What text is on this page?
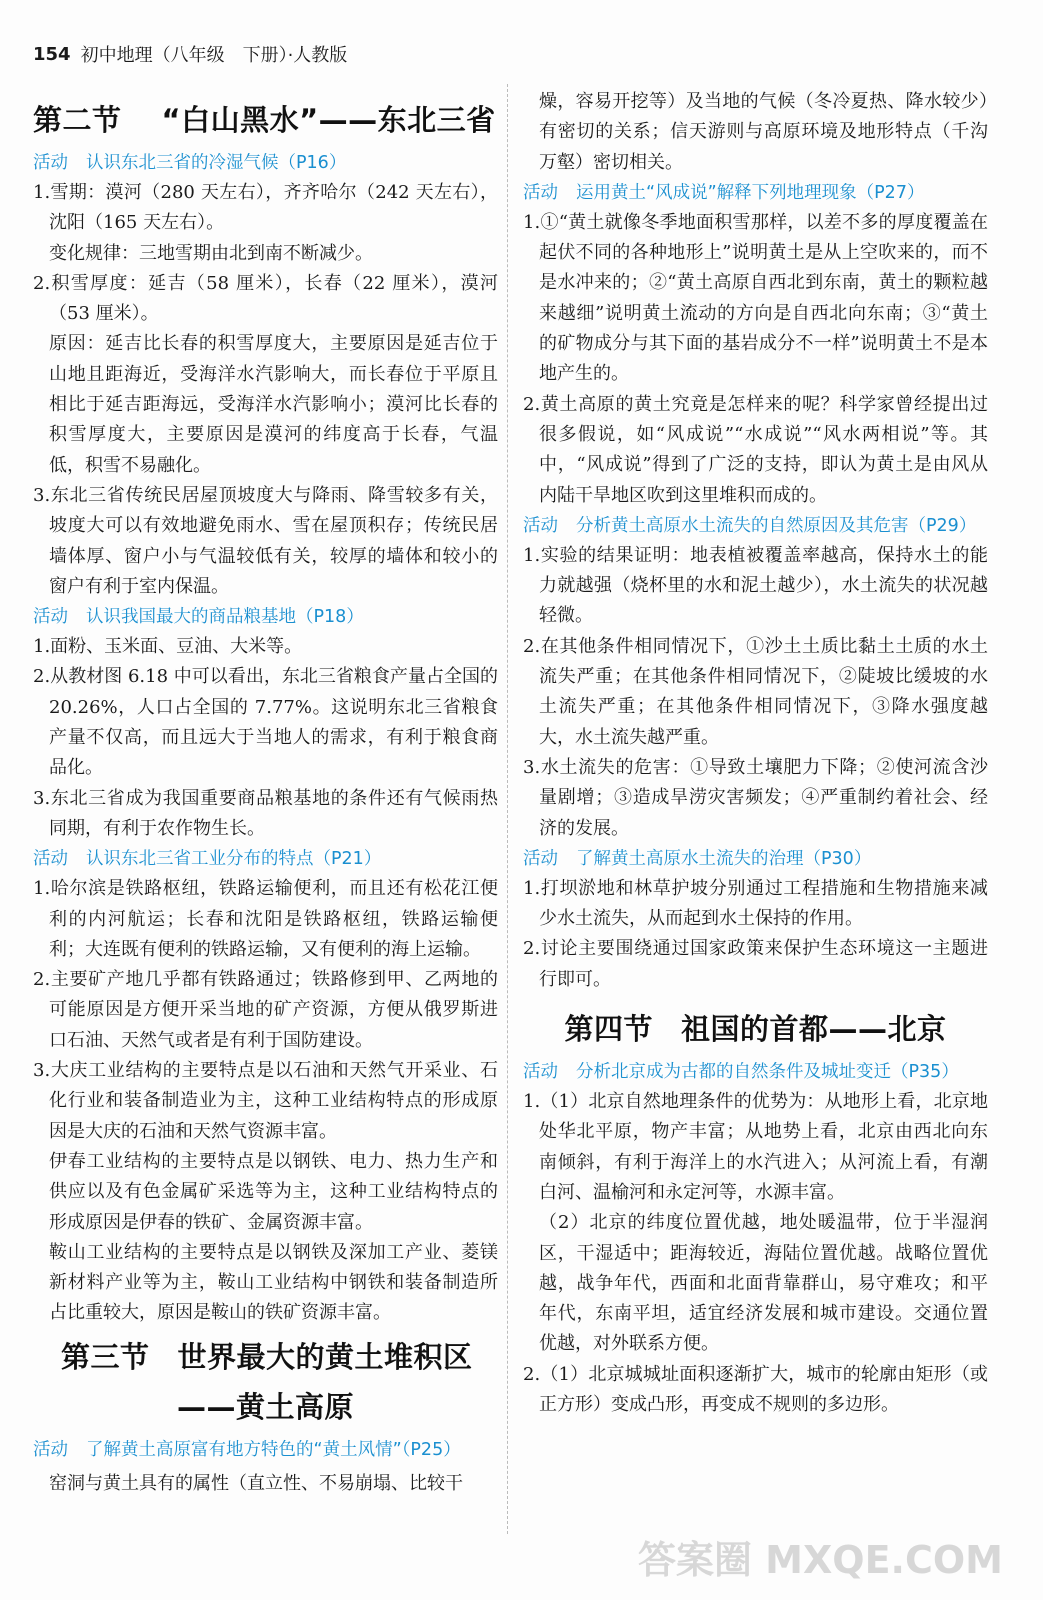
154 初中地理（八年级　下册）·人教版
第二节 “白山黑水”——东北三省
活动 认识东北三省的冷湿气候（P16）

1.雪期：漠河（280 天左右），齐齐哈尔（242 天左右），沈阳（165 天左右）。

变化规律：三地雪期由北到南不断减少。

2.积雪厚度：延吉（58 厘米），长春（22 厘米），漠河（53 厘米）。

原因：延吉比长春的积雪厚度大，主要原因是延吉位于山地且距海近，受海洋水汽影响大，而长春位于平原且相比于延吉距海远，受海洋水汽影响小；漠河比长春的积雪厚度大，主要原因是漠河的纬度高于长春，气温低，积雪不易融化。

3.东北三省传统民居屋顶坡度大与降雨、降雪较多有关，坡度大可以有效地避免雨水、雪在屋顶积存；传统民居墙体厚、窗户小与气温较低有关，较厚的墙体和较小的窗户有利于室内保温。

活动 认识我国最大的商品粮基地（P18）

1.面粉、玉米面、豆油、大米等。

2.从教材图 6.18 中可以看出，东北三省粮食产量占全国的 20.26%，人口占全国的 7.77%。这说明东北三省粮食产量不仅高，而且远大于当地人的需求，有利于粮食商品化。

3.东北三省成为我国重要商品粮基地的条件还有气候雨热同期，有利于农作物生长。

活动 认识东北三省工业分布的特点（P21）

1.哈尔滨是铁路枢纽，铁路运输便利，而且还有松花江便利的内河航运；长春和沈阳是铁路枢纽，铁路运输便利；大连既有便利的铁路运输，又有便利的海上运输。

2.主要矿产地几乎都有铁路通过；铁路修到甲、乙两地的可能原因是方便开采当地的矿产资源，方便从俄罗斯进口石油、天然气或者是有利于国防建设。

3.大庆工业结构的主要特点是以石油和天然气开采业、石化行业和装备制造业为主，这种工业结构特点的形成原因是大庆的石油和天然气资源丰富。

伊春工业结构的主要特点是以钢铁、电力、热力生产和供应以及有色金属矿采选等为主，这种工业结构特点的形成原因是伊春的铁矿、金属资源丰富。

鞍山工业结构的主要特点是以钢铁及深加工产业、菱镁新材料产业等为主，鞍山工业结构中钢铁和装备制造所占比重较大，原因是鞍山的铁矿资源丰富。

第三节 世界最大的黄土堆积区
——黄土高原
活动 了解黄土高原富有地方特色的“黄土风情”（P25）

窑洞与黄土具有的属性（直立性、不易崩塌、比较干

燥，容易开挖等）及当地的气候（冬冷夏热、降水较少）有密切的关系；信天游则与高原环境及地形特点（千沟万壑）密切相关。

活动 运用黄土“风成说”解释下列地理现象（P27）

1.①“黄土就像冬季地面积雪那样，以差不多的厚度覆盖在起伏不同的各种地形上”说明黄土是从上空吹来的，而不是水冲来的；②“黄土高原自西北到东南，黄土的颗粒越来越细”说明黄土流动的方向是自西北向东南；③“黄土的矿物成分与其下面的基岩成分不一样”说明黄土不是本地产生的。

2.黄土高原的黄土究竟是怎样来的呢？科学家曾经提出过很多假说，如“风成说”“水成说”“风水两相说”等。其中，“风成说”得到了广泛的支持，即认为黄土是由风从内陆干旱地区吹到这里堆积而成的。

活动 分析黄土高原水土流失的自然原因及其危害（P29）

1.实验的结果证明：地表植被覆盖率越高，保持水土的能力就越强（烧杯里的水和泥土越少），水土流失的状况越轻微。

2.在其他条件相同情况下，①沙土土质比黏土土质的水土流失严重；在其他条件相同情况下，②陡坡比缓坡的水土流失严重；在其他条件相同情况下，③降水强度越大，水土流失越严重。

3.水土流失的危害：①导致土壤肥力下降；②使河流含沙量剧增；③造成旱涝灾害频发；④严重制约着社会、经济的发展。

活动 了解黄土高原水土流失的治理（P30）

1.打坝淤地和林草护坡分别通过工程措施和生物措施来减少水土流失，从而起到水土保持的作用。

2.讨论主要围绕通过国家政策来保护生态环境这一主题进行即可。

第四节 祖国的首都——北京
活动 分析北京成为古都的自然条件及城址变迁（P35）

1.（1）北京自然地理条件的优势为：从地形上看，北京地处华北平原，物产丰富；从地势上看，北京由西北向东南倾斜，有利于海洋上的水汽进入；从河流上看，有潮白河、温榆河和永定河等，水源丰富。

（2）北京的纬度位置优越，地处暖温带，位于半湿润区，干湿适中；距海较近，海陆位置优越。战略位置优越，战争年代，西面和北面背靠群山，易守难攻；和平年代，东南平坦，适宜经济发展和城市建设。交通位置优越，对外联系方便。

2.（1）北京城城址面积逐渐扩大，城市的轮廓由矩形（或正方形）变成凸形，再变成不规则的多边形。

答案圈 MXQE.COM
